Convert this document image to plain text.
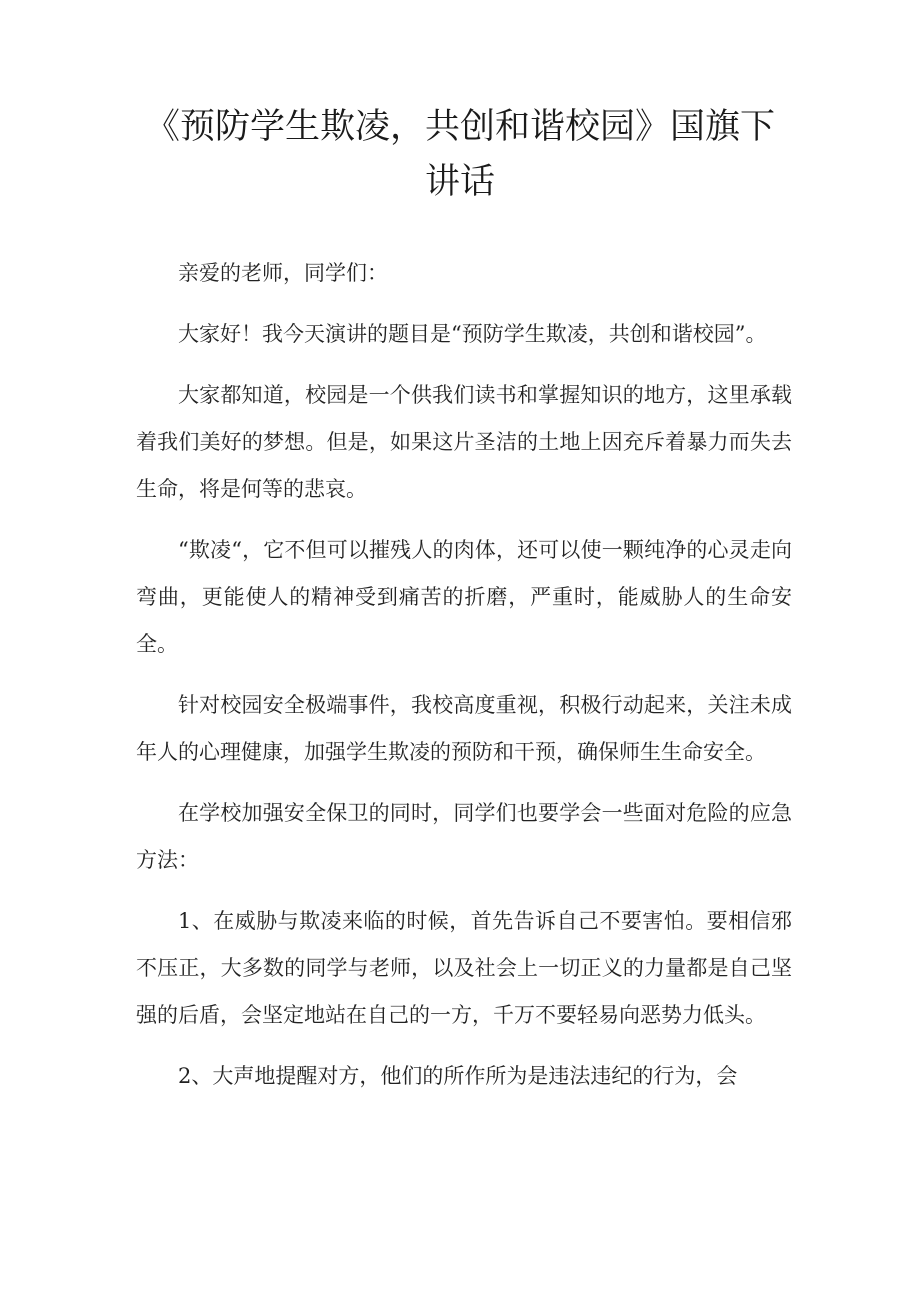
《预防学生欺凌，共创和谐校园》国旗下
讲话

亲爱的老师，同学们：

大家好！我今天演讲的题目是“预防学生欺凌，共创和谐校园”。

大家都知道，校园是一个供我们读书和掌握知识的地方，这里承载着我们美好的梦想。但是，如果这片圣洁的土地上因充斥着暴力而失去生命，将是何等的悲哀。

“欺凌“，它不但可以摧残人的肉体，还可以使一颗纯净的心灵走向弯曲，更能使人的精神受到痛苦的折磨，严重时，能威胁人的生命安全。

针对校园安全极端事件，我校高度重视，积极行动起来，关注未成年人的心理健康，加强学生欺凌的预防和干预，确保师生生命安全。

在学校加强安全保卫的同时，同学们也要学会一些面对危险的应急方法：

1、在威胁与欺凌来临的时候，首先告诉自己不要害怕。要相信邪不压正，大多数的同学与老师，以及社会上一切正义的力量都是自己坚强的后盾，会坚定地站在自己的一方，千万不要轻易向恶势力低头。

2、大声地提醒对方，他们的所作所为是违法违纪的行为，会
